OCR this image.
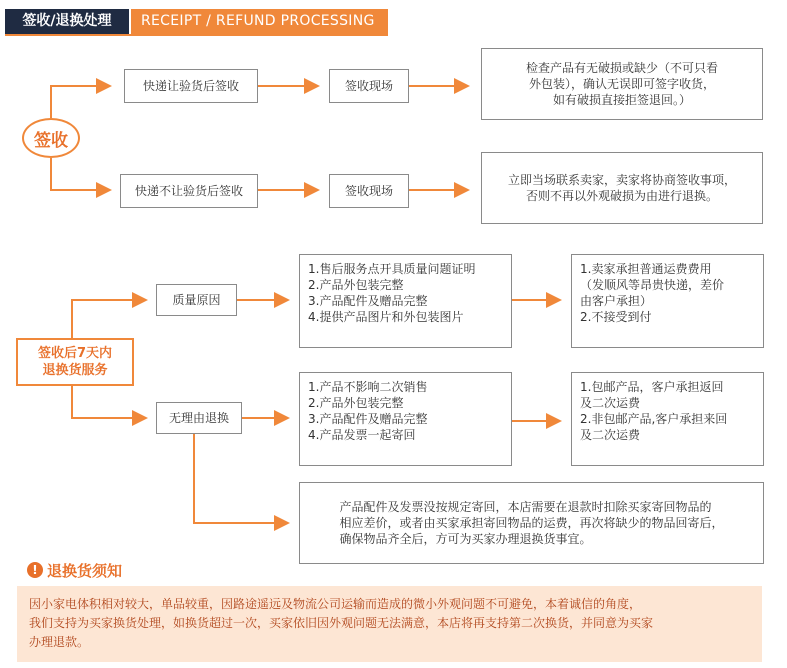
签收/退换处理	RECEIPT / REFUND PROCESSING
签收
快递让验货后签收	签收现场
检查产品有无破损或缺少（不可只看
外包装），确认无误即可签字收货，
如有破损直接拒签退回。）
快递不让验货后签收	签收现场
立即当场联系卖家，卖家将协商签收事项，
否则不再以外观破损为由进行退换。
签收后7天内
退换货服务
质量原因
1.售后服务点开具质量问题证明
2.产品外包装完整
3.产品配件及赠品完整
4.提供产品图片和外包装图片
1.卖家承担普通运费费用
（发顺风等昂贵快递，差价
由客户承担）
2.不接受到付
无理由退换
1.产品不影响二次销售
2.产品外包装完整
3.产品配件及赠品完整
4.产品发票一起寄回
1.包邮产品，客户承担返回
及二次运费
2.非包邮产品,客户承担来回
及二次运费
产品配件及发票没按规定寄回，本店需要在退款时扣除买家寄回物品的
相应差价，或者由买家承担寄回物品的运费，再次将缺少的物品回寄后，
确保物品齐全后，方可为买家办理退换货事宜。
! 退换货须知
因小家电体积相对较大，单品较重，因路途遥远及物流公司运输而造成的微小外观问题不可避免，本着诚信的角度，
我们支持为买家换货处理，如换货超过一次，买家依旧因外观问题无法满意，本店将再支持第二次换货，并同意为买家
办理退款。
